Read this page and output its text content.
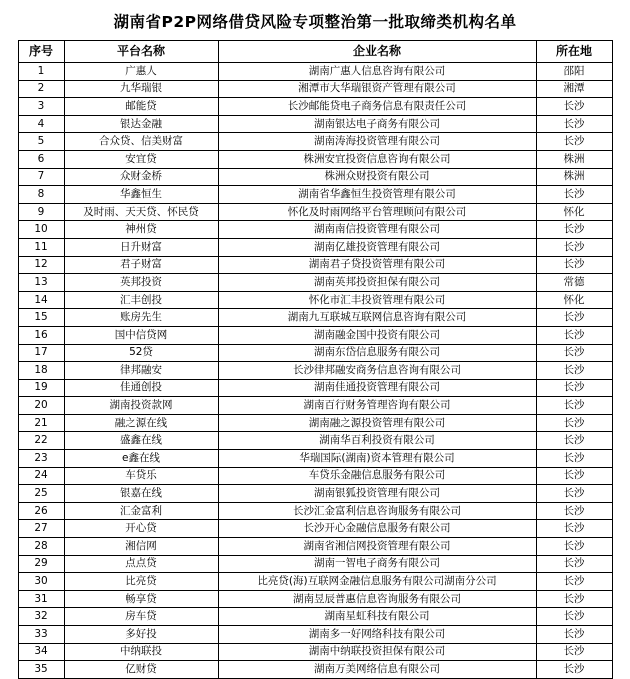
湖南省P2P网络借贷风险专项整治第一批取缔类机构名单
序号	平台名称	企业名称	所在地
1	广惠人	湖南广惠人信息咨询有限公司	邵阳
2	九华瑞银	湘潭市大华瑞银资产管理有限公司	湘潭
3	邮能贷	长沙邮能贷电子商务信息有限责任公司	长沙
4	银达金融	湖南银达电子商务有限公司	长沙
5	合众贷、信美财富	湖南涛海投资管理有限公司	长沙
6	安宜贷	株洲安宜投资信息咨询有限公司	株洲
7	众财金桥	株洲众财投资有限公司	株洲
8	华鑫恒生	湖南省华鑫恒生投资管理有限公司	长沙
9	及时雨、天天贷、怀民贷	怀化及时雨网络平台管理顾问有限公司	怀化
10	神州贷	湖南南信投资管理有限公司	长沙
11	日升财富	湖南亿雄投资管理有限公司	长沙
12	君子财富	湖南君子贷投资管理有限公司	长沙
13	英邦投资	湖南英邦投资担保有限公司	常德
14	汇丰创投	怀化市汇丰投资管理有限公司	怀化
15	账房先生	湖南九互联城互联网信息咨询有限公司	长沙
16	国中信贷网	湖南融金国中投资有限公司	长沙
17	52贷	湖南东岱信息服务有限公司	长沙
18	律邦融安	长沙律邦融安商务信息咨询有限公司	长沙
19	佳通创投	湖南佳通投资管理有限公司	长沙
20	湖南投资款网	湖南百行财务管理咨询有限公司	长沙
21	融之源在线	湖南融之源投资管理有限公司	长沙
22	盛鑫在线	湖南华百利投资有限公司	长沙
23	e鑫在线	华瑞国际(湖南)资本管理有限公司	长沙
24	车贷乐	车贷乐金融信息服务有限公司	长沙
25	银嘉在线	湖南银狐投资管理有限公司	长沙
26	汇金富利	长沙汇金富利信息咨询服务有限公司	长沙
27	开心贷	长沙开心金融信息服务有限公司	长沙
28	湘信网	湖南省湘信网投资管理有限公司	长沙
29	点点贷	湖南一智电子商务有限公司	长沙
30	比亮贷	比亮贷(海)互联网金融信息服务有限公司湖南分公司	长沙
31	畅享贷	湖南昱辰普惠信息咨询服务有限公司	长沙
32	房车贷	湖南星虹科技有限公司	长沙
33	多好投	湖南多一好网络科技有限公司	长沙
34	中纳联投	湖南中纳联投资担保有限公司	长沙
35	亿财贷	湖南万美网络信息有限公司	长沙
